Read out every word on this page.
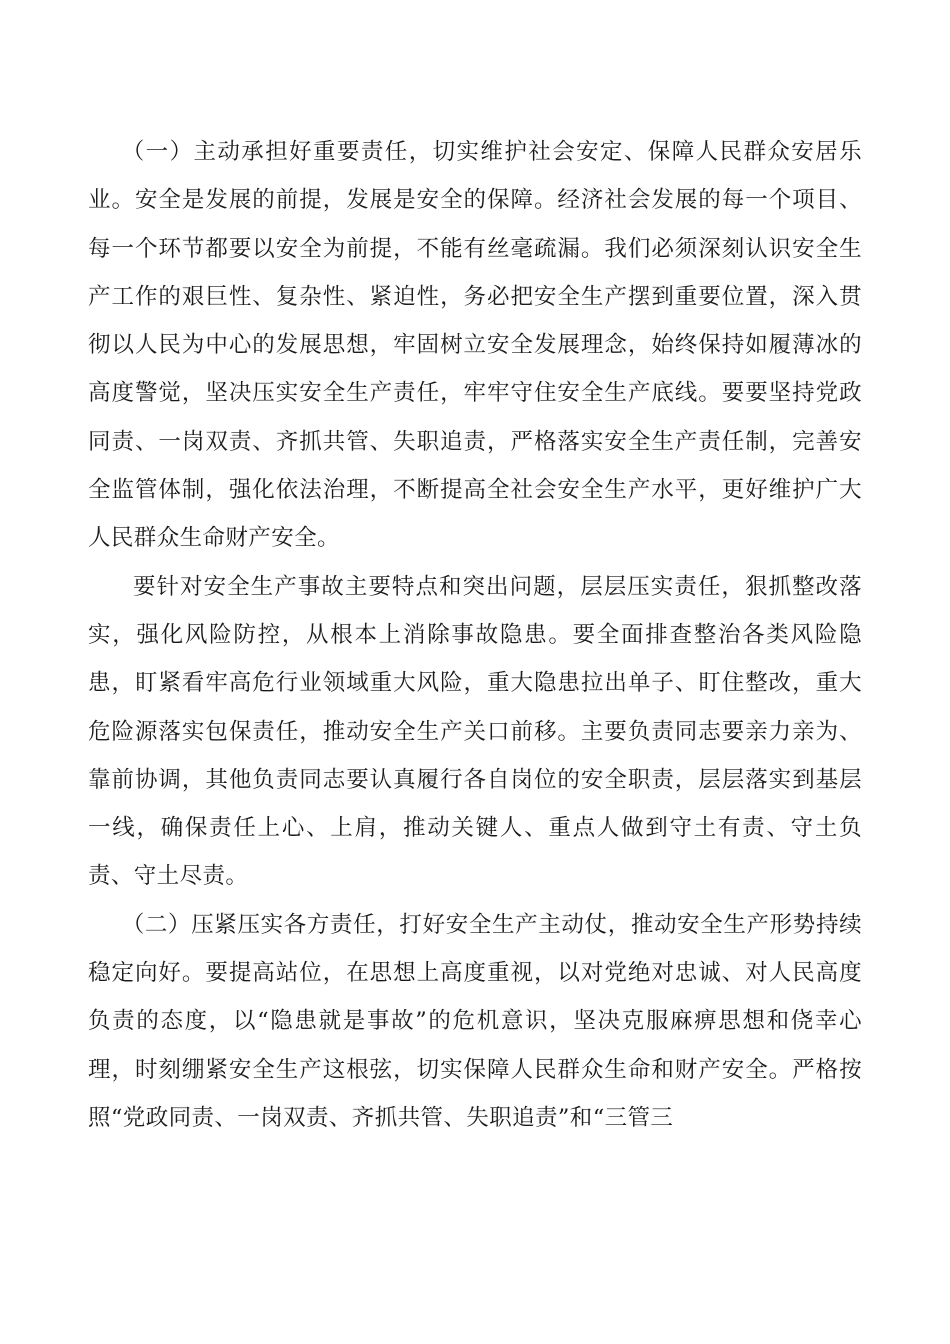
（一）主动承担好重要责任，切实维护社会安定、保障人民群众安居乐业。安全是发展的前提，发展是安全的保障。经济社会发展的每一个项目、每一个环节都要以安全为前提，不能有丝毫疏漏。我们必须深刻认识安全生产工作的艰巨性、复杂性、紧迫性，务必把安全生产摆到重要位置，深入贯彻以人民为中心的发展思想，牢固树立安全发展理念，始终保持如履薄冰的高度警觉，坚决压实安全生产责任，牢牢守住安全生产底线。要要坚持党政同责、一岗双责、齐抓共管、失职追责，严格落实安全生产责任制，完善安全监管体制，强化依法治理，不断提高全社会安全生产水平，更好维护广大人民群众生命财产安全。

要针对安全生产事故主要特点和突出问题，层层压实责任，狠抓整改落实，强化风险防控，从根本上消除事故隐患。要全面排查整治各类风险隐患，盯紧看牢高危行业领域重大风险，重大隐患拉出单子、盯住整改，重大危险源落实包保责任，推动安全生产关口前移。主要负责同志要亲力亲为、靠前协调，其他负责同志要认真履行各自岗位的安全职责，层层落实到基层一线，确保责任上心、上肩，推动关键人、重点人做到守土有责、守土负责、守土尽责。

（二）压紧压实各方责任，打好安全生产主动仗，推动安全生产形势持续稳定向好。要提高站位，在思想上高度重视，以对党绝对忠诚、对人民高度负责的态度，以“隐患就是事故”的危机意识，坚决克服麻痹思想和侥幸心理，时刻绷紧安全生产这根弦，切实保障人民群众生命和财产安全。严格按照“党政同责、一岗双责、齐抓共管、失职追责”和“三管三
